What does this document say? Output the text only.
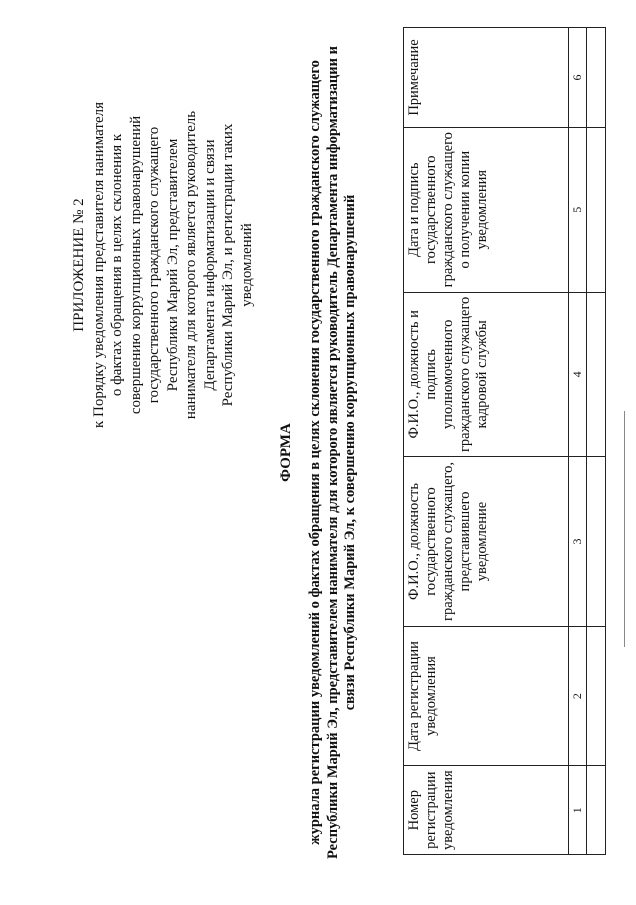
ПРИЛОЖЕНИЕ № 2 к Порядку уведомления представителя нанимателя о фактах обращения в целях склонения к совершению коррупционных правонарушений государственного гражданского служащего Республики Марий Эл, представителем нанимателя для которого является руководитель Департамента информатизации и связи Республики Марий Эл, и регистрации таких уведомлений
ФОРМА журнала регистрации уведомлений о фактах обращения в целях склонения государственного гражданского служащего Республики Марий Эл, представителем нанимателя для которого является руководитель Департамента информатизации и связи Республики Марий Эл, к совершению коррупционных правонарушений
Номер регистрации уведомления	Дата регистрации уведомления	Ф.И.О., должность государственного гражданского служащего, представившего уведомление	Ф.И.О., должность и подпись уполномоченного гражданского служащего кадровой службы	Дата и подпись государственного гражданского служащего о получении копии уведомления	Примечание
1	2	3	4	5	6
